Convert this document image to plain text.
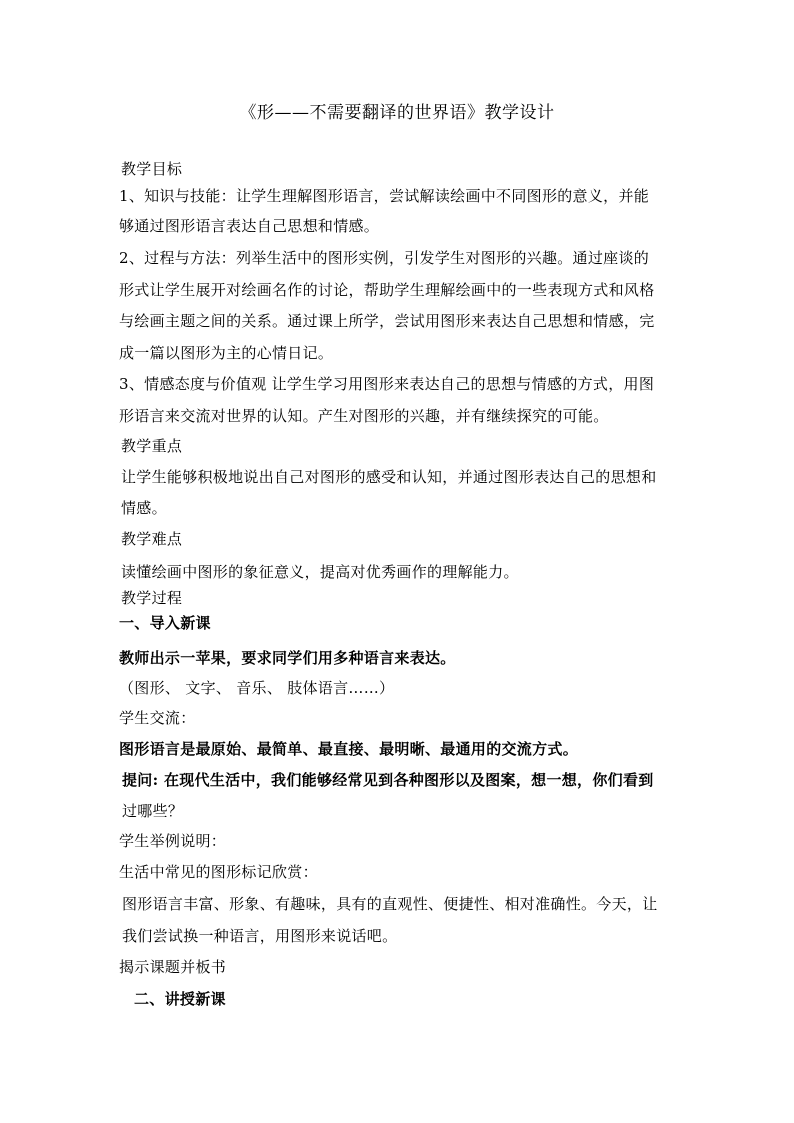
《形——不需要翻译的世界语》教学设计
教学目标
1、知识与技能：让学生理解图形语言，尝试解读绘画中不同图形的意义，并能
够通过图形语言表达自己思想和情感。
2、过程与方法：列举生活中的图形实例，引发学生对图形的兴趣。通过座谈的
形式让学生展开对绘画名作的讨论，帮助学生理解绘画中的一些表现方式和风格
与绘画主题之间的关系。通过课上所学，尝试用图形来表达自己思想和情感，完
成一篇以图形为主的心情日记。
3、情感态度与价值观 让学生学习用图形来表达自己的思想与情感的方式，用图
形语言来交流对世界的认知。产生对图形的兴趣，并有继续探究的可能。
教学重点
让学生能够积极地说出自己对图形的感受和认知，并通过图形表达自己的思想和
情感。
教学难点
读懂绘画中图形的象征意义，提高对优秀画作的理解能力。
教学过程
一、导入新课
教师出示一苹果，要求同学们用多种语言来表达。
（图形、 文字、 音乐、 肢体语言……）
学生交流：
图形语言是最原始、最简单、最直接、最明晰、最通用的交流方式。
提问: 在现代生活中，我们能够经常见到各种图形以及图案，想一想，你们看到
过哪些？
学生举例说明：
生活中常见的图形标记欣赏：
图形语言丰富、形象、有趣味，具有的直观性、便捷性、相对准确性。今天，让
我们尝试换一种语言，用图形来说话吧。
揭示课题并板书
二、讲授新课
